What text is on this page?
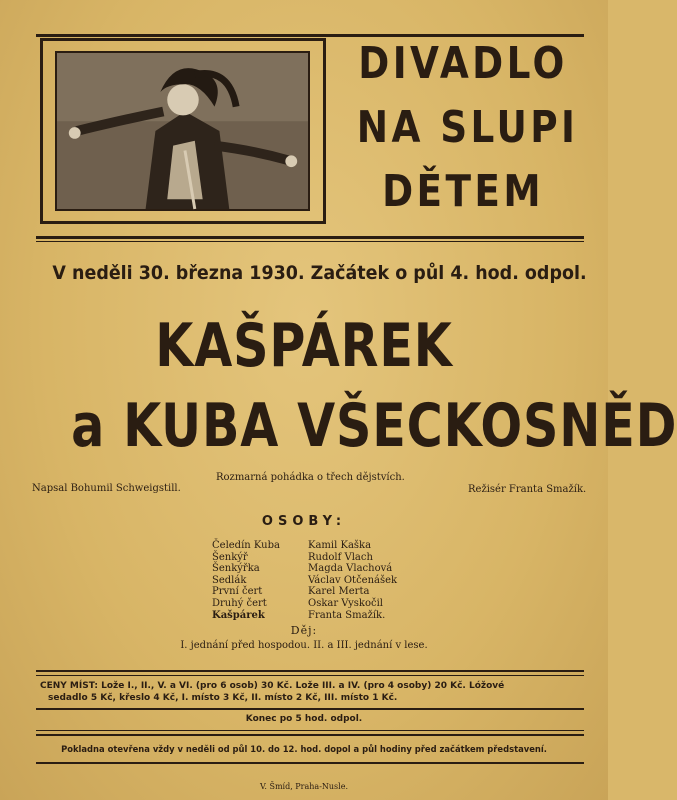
DIVADLO
NA SLUPI
DĚTEM
V neděli 30. března 1930. Začátek o půl 4. hod. odpol.
KAŠPÁREK
a KUBA VŠECKOSNĚD
Napsal Bohumil Schweigstill.
Rozmarná pohádka o třech dějstvích.
Režisér Franta Smažík.
OSOBY:
Čeledín Kuba
Šenkýř
Šenkýřka
Sedlák
První čert
Druhý čert
Kašpárek
Kamil Kaška
Rudolf Vlach
Magda Vlachová
Václav Otčenášek
Karel Merta
Oskar Vyskočil
Franta Smažík.
Děj:
I. jednání před hospodou. II. a III. jednání v lese.
CENY MÍST: Lože I., II., V. a VI. (pro 6 osob) 30 Kč. Lože III. a IV. (pro 4 osoby) 20 Kč. Lóžové
sedadlo 5 Kč, křeslo 4 Kč, I. místo 3 Kč, II. místo 2 Kč, III. místo 1 Kč.
Konec po 5 hod. odpol.
Pokladna otevřena vždy v neděli od půl 10. do 12. hod. dopol a půl hodiny před začátkem představení.
V. Šmíd, Praha-Nusle.
